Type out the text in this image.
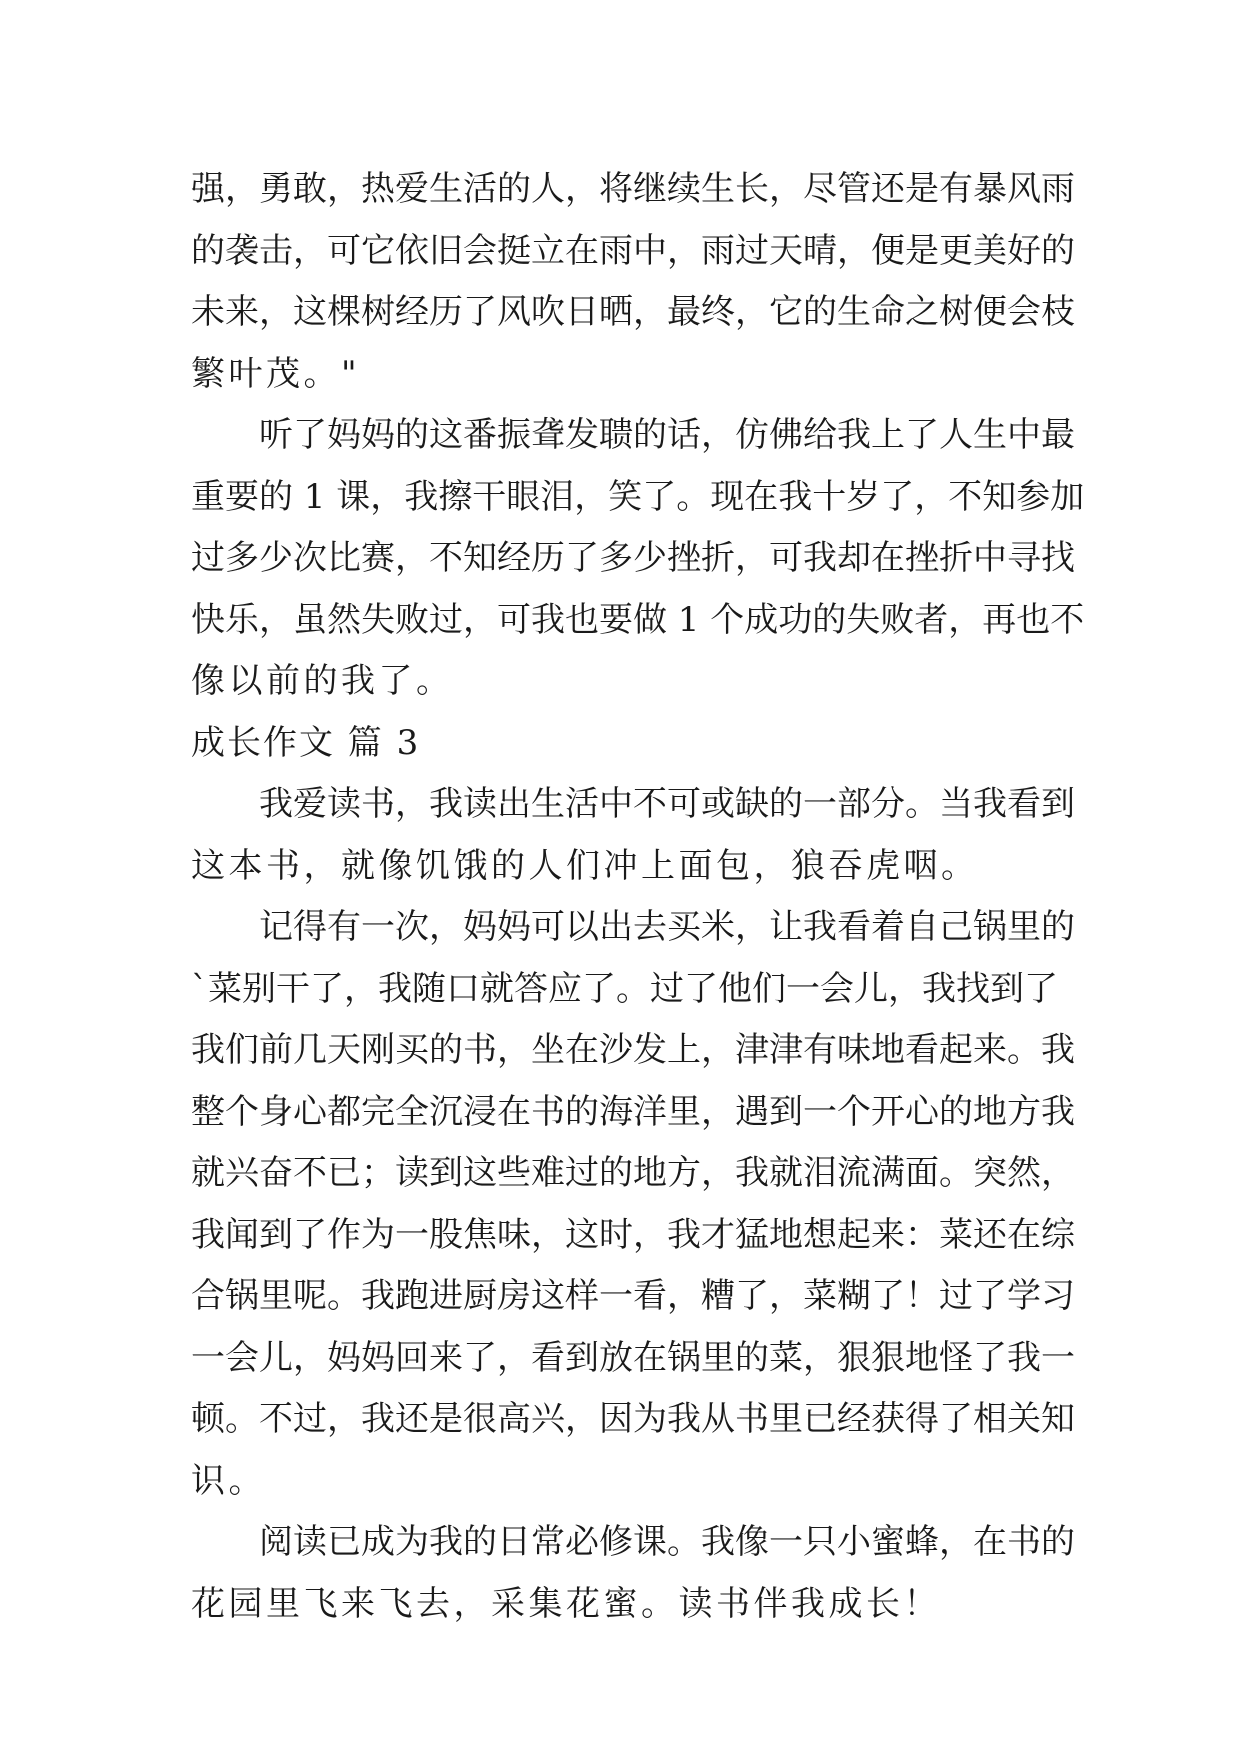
强，勇敢，热爱生活的人，将继续生长，尽管还是有暴风雨
的袭击，可它依旧会挺立在雨中，雨过天晴，便是更美好的
未来，这棵树经历了风吹日晒，最终，它的生命之树便会枝
繁叶茂。"
听了妈妈的这番振聋发聩的话，仿佛给我上了人生中最
重要的 1 课，我擦干眼泪，笑了。现在我十岁了，不知参加
过多少次比赛，不知经历了多少挫折，可我却在挫折中寻找
快乐，虽然失败过，可我也要做 1 个成功的失败者，再也不
像以前的我了。
成长作文 篇 3
我爱读书，我读出生活中不可或缺的一部分。当我看到
这本书，就像饥饿的人们冲上面包，狼吞虎咽。
记得有一次，妈妈可以出去买米，让我看着自己锅里的
`菜别干了，我随口就答应了。过了他们一会儿，我找到了
我们前几天刚买的书，坐在沙发上，津津有味地看起来。我
整个身心都完全沉浸在书的海洋里，遇到一个开心的地方我
就兴奋不已；读到这些难过的地方，我就泪流满面。突然，
我闻到了作为一股焦味，这时，我才猛地想起来：菜还在综
合锅里呢。我跑进厨房这样一看，糟了，菜糊了！过了学习
一会儿，妈妈回来了，看到放在锅里的菜，狠狠地怪了我一
顿。不过，我还是很高兴，因为我从书里已经获得了相关知
识。
阅读已成为我的日常必修课。我像一只小蜜蜂，在书的
花园里飞来飞去，采集花蜜。读书伴我成长！
